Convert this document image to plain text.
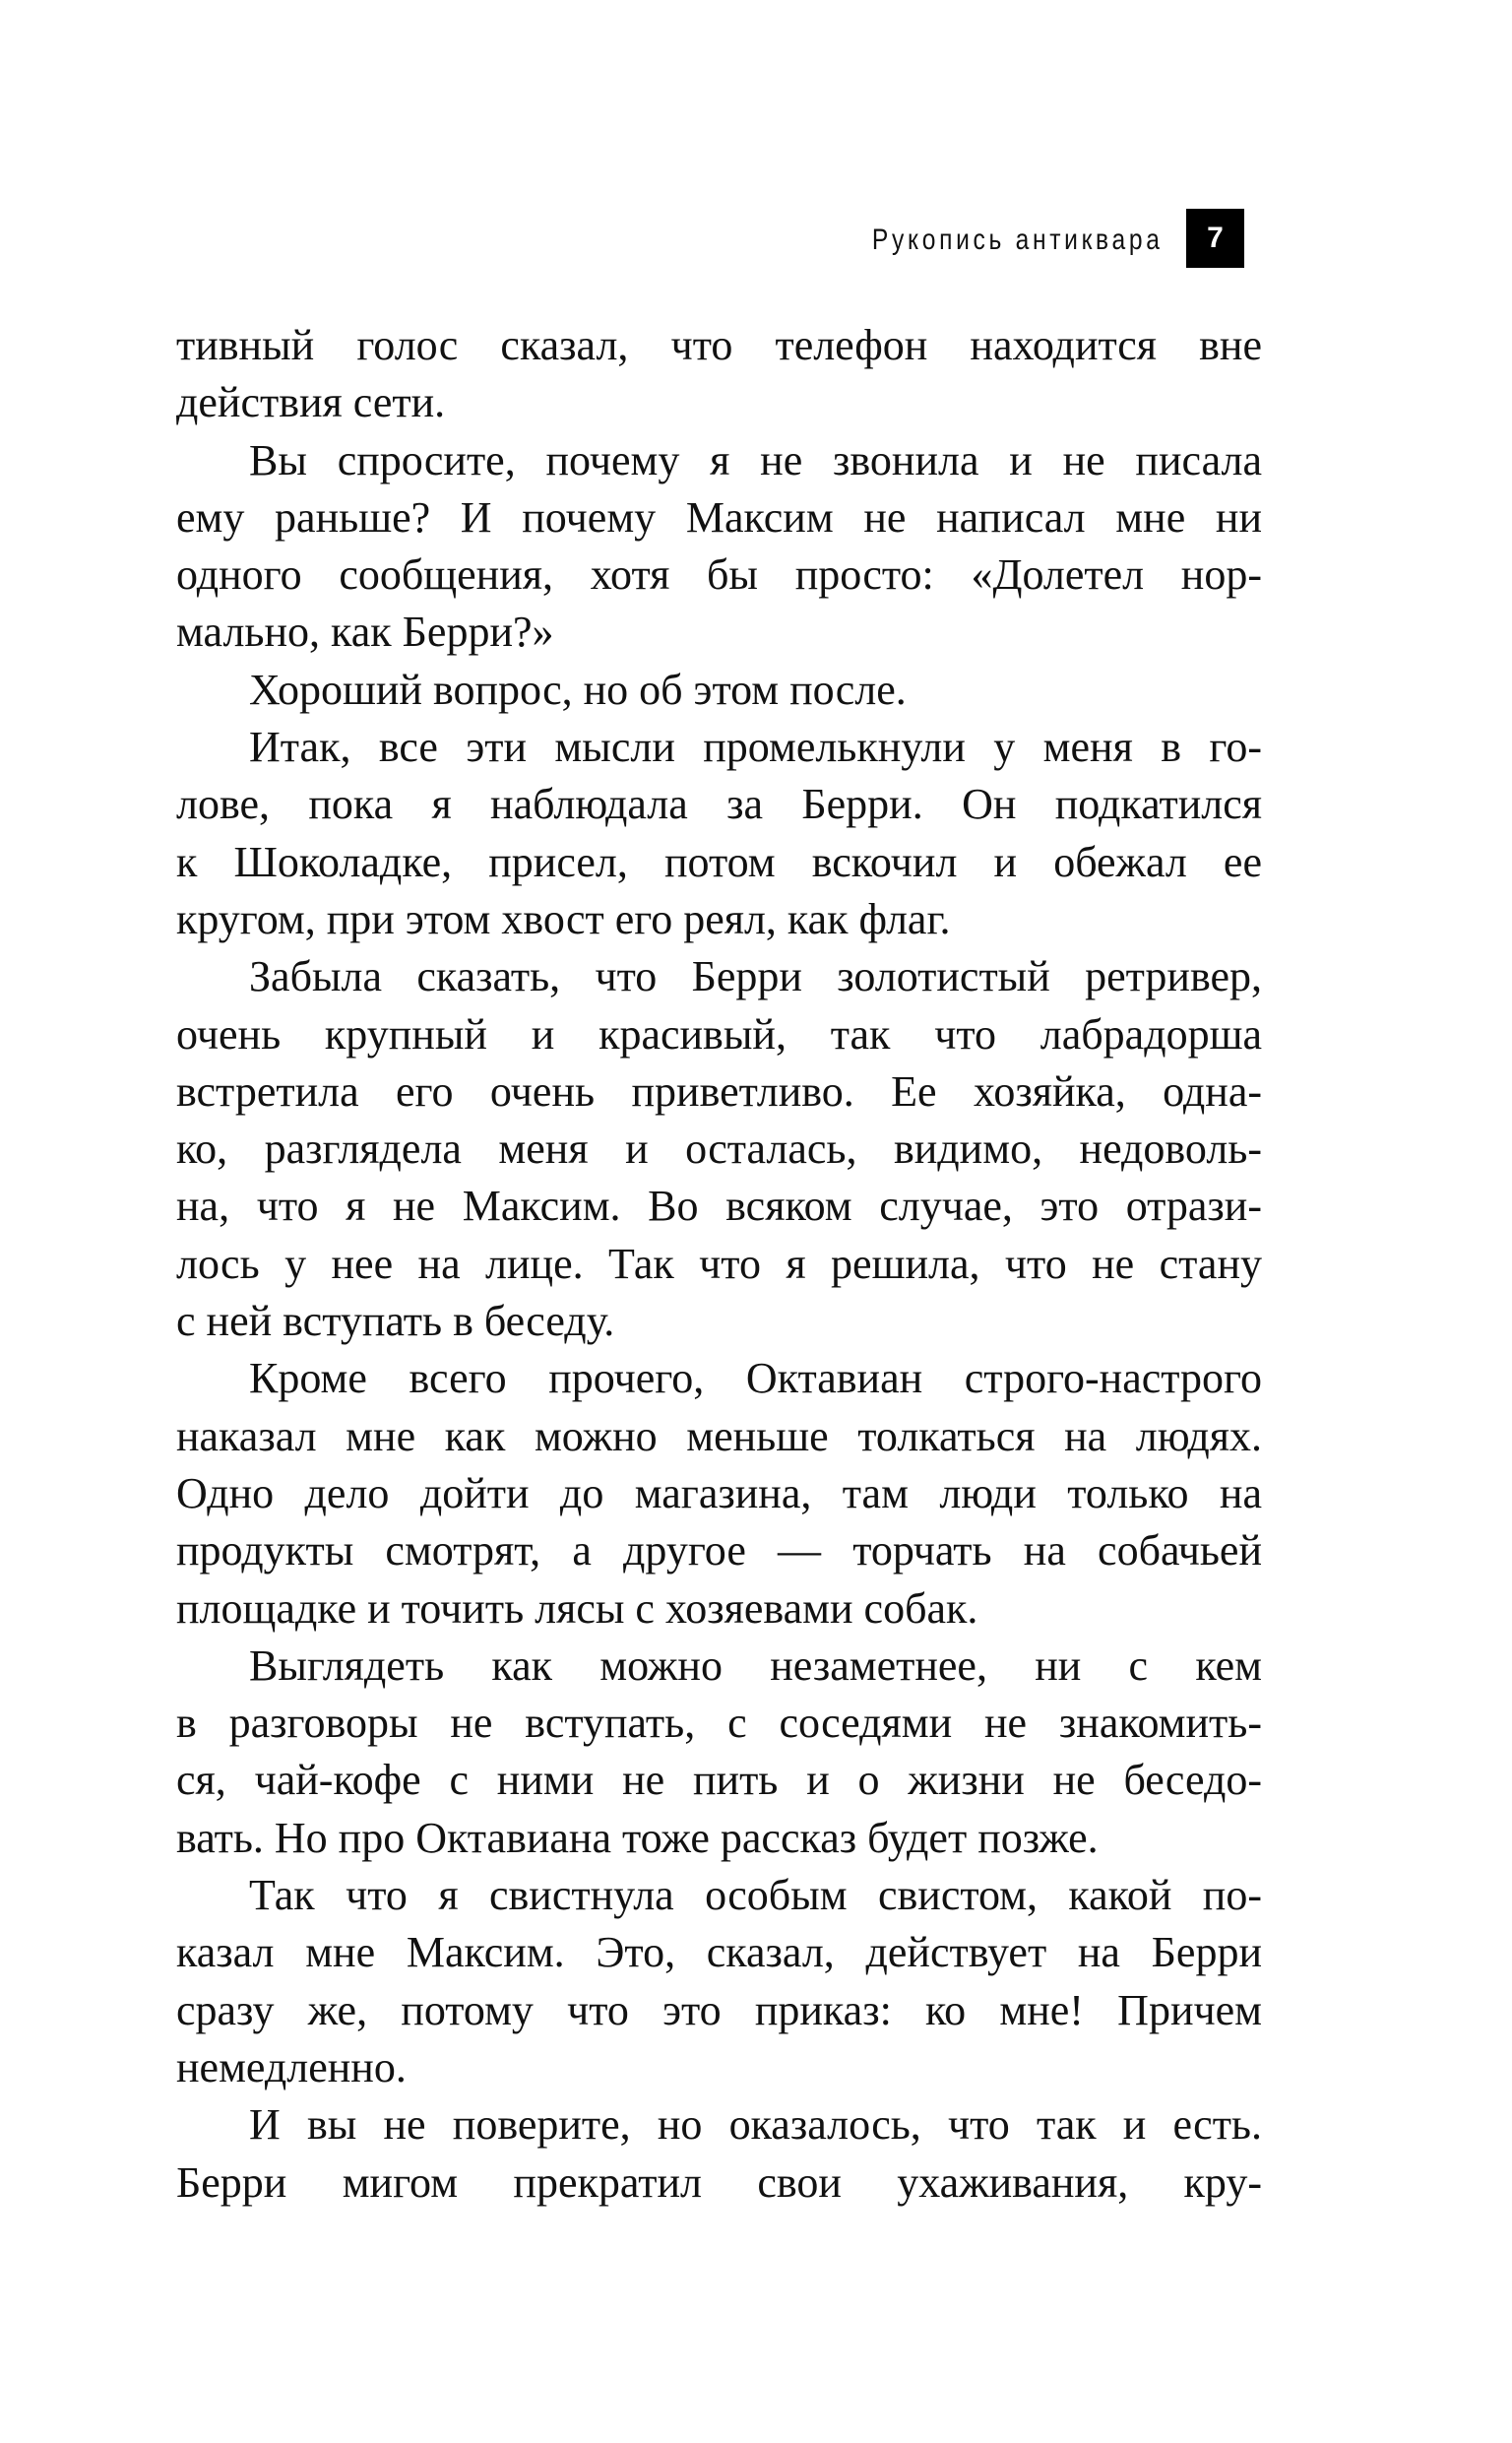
Рукопись антиквара	7
тивный голос сказал, что телефон находится вне
действия сети.
Вы спросите, почему я не звонила и не писала
ему раньше? И почему Максим не написал мне ни
одного сообщения, хотя бы просто: «Долетел нор-
мально, как Берри?»
Хороший вопрос, но об этом после.
Итак, все эти мысли промелькнули у меня в го-
лове, пока я наблюдала за Берри. Он подкатился
к Шоколадке, присел, потом вскочил и обежал ее
кругом, при этом хвост его реял, как флаг.
Забыла сказать, что Берри золотистый ретривер,
очень крупный и красивый, так что лабрадорша
встретила его очень приветливо. Ее хозяйка, одна-
ко, разглядела меня и осталась, видимо, недоволь-
на, что я не Максим. Во всяком случае, это отрази-
лось у нее на лице. Так что я решила, что не стану
с ней вступать в беседу.
Кроме всего прочего, Октавиан строго-настрого
наказал мне как можно меньше толкаться на людях.
Одно дело дойти до магазина, там люди только на
продукты смотрят, а другое — торчать на собачьей
площадке и точить лясы с хозяевами собак.
Выглядеть как можно незаметнее, ни с кем
в разговоры не вступать, с соседями не знакомить-
ся, чай-кофе с ними не пить и о жизни не беседо-
вать. Но про Октавиана тоже рассказ будет позже.
Так что я свистнула особым свистом, какой по-
казал мне Максим. Это, сказал, действует на Берри
сразу же, потому что это приказ: ко мне! Причем
немедленно.
И вы не поверите, но оказалось, что так и есть.
Берри мигом прекратил свои ухаживания, кру-
